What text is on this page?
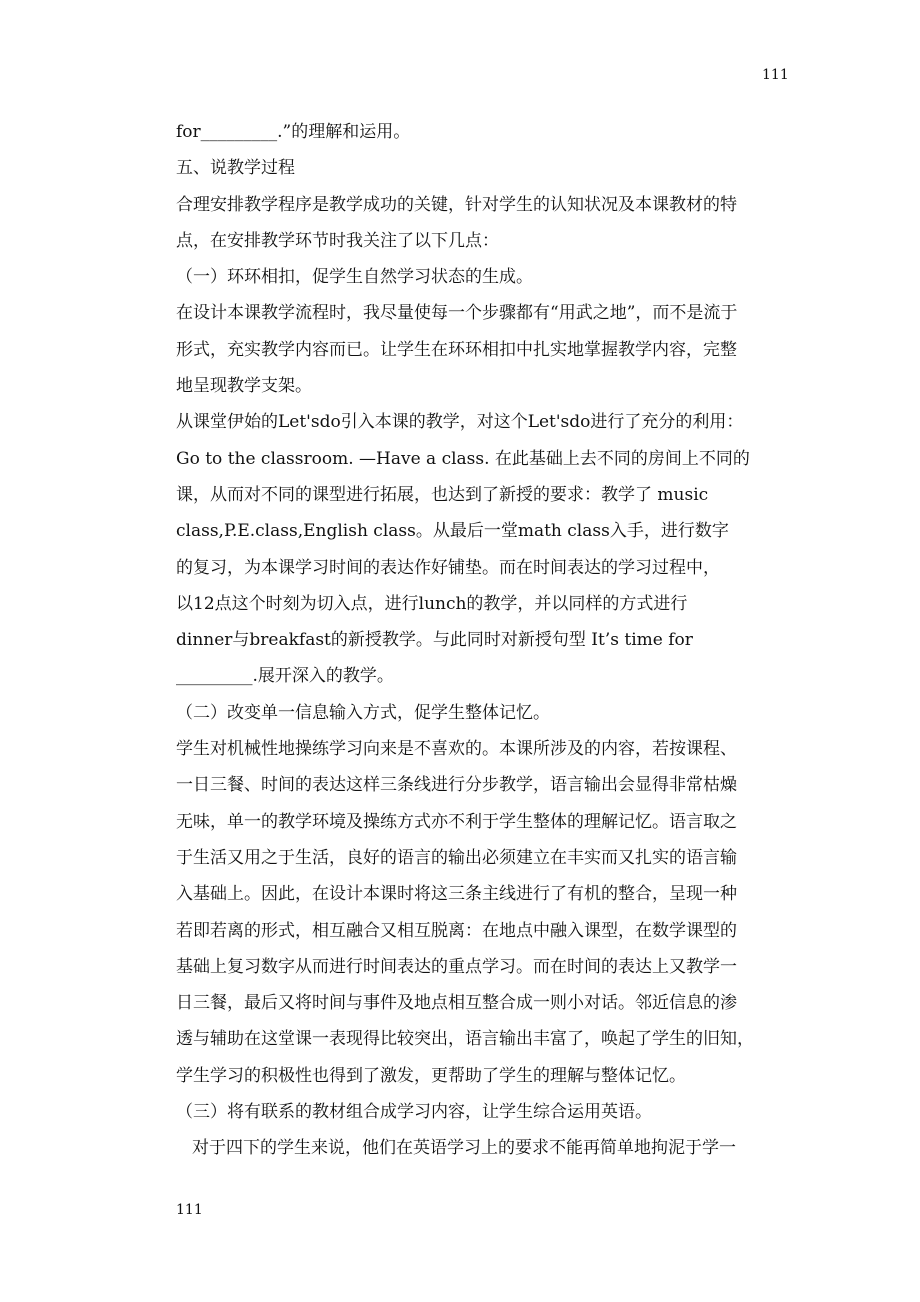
111
for_________.”的理解和运用。
五、说教学过程
合理安排教学程序是教学成功的关键，针对学生的认知状况及本课教材的特
点，在安排教学环节时我关注了以下几点：
（一）环环相扣，促学生自然学习状态的生成。
在设计本课教学流程时，我尽量使每一个步骤都有“用武之地”，而不是流于
形式，充实教学内容而已。让学生在环环相扣中扎实地掌握教学内容，完整
地呈现教学支架。
从课堂伊始的Let'sdo引入本课的教学，对这个Let'sdo进行了充分的利用：
Go to the classroom. —Have a class. 在此基础上去不同的房间上不同的
课，从而对不同的课型进行拓展，也达到了新授的要求：教学了 music
class,P.E.class,English class。从最后一堂math class入手，进行数字
的复习，为本课学习时间的表达作好铺垫。而在时间表达的学习过程中，
以12点这个时刻为切入点，进行lunch的教学，并以同样的方式进行
dinner与breakfast的新授教学。与此同时对新授句型 It’s time for
_________.展开深入的教学。
（二）改变单一信息输入方式，促学生整体记忆。
学生对机械性地操练学习向来是不喜欢的。本课所涉及的内容，若按课程、
一日三餐、时间的表达这样三条线进行分步教学，语言输出会显得非常枯燥
无味，单一的教学环境及操练方式亦不利于学生整体的理解记忆。语言取之
于生活又用之于生活，良好的语言的输出必须建立在丰实而又扎实的语言输
入基础上。因此，在设计本课时将这三条主线进行了有机的整合，呈现一种
若即若离的形式，相互融合又相互脱离：在地点中融入课型，在数学课型的
基础上复习数字从而进行时间表达的重点学习。而在时间的表达上又教学一
日三餐，最后又将时间与事件及地点相互整合成一则小对话。邻近信息的渗
透与辅助在这堂课一表现得比较突出，语言输出丰富了，唤起了学生的旧知，
学生学习的积极性也得到了激发，更帮助了学生的理解与整体记忆。
（三）将有联系的教材组合成学习内容，让学生综合运用英语。
对于四下的学生来说，他们在英语学习上的要求不能再简单地拘泥于学一
111
